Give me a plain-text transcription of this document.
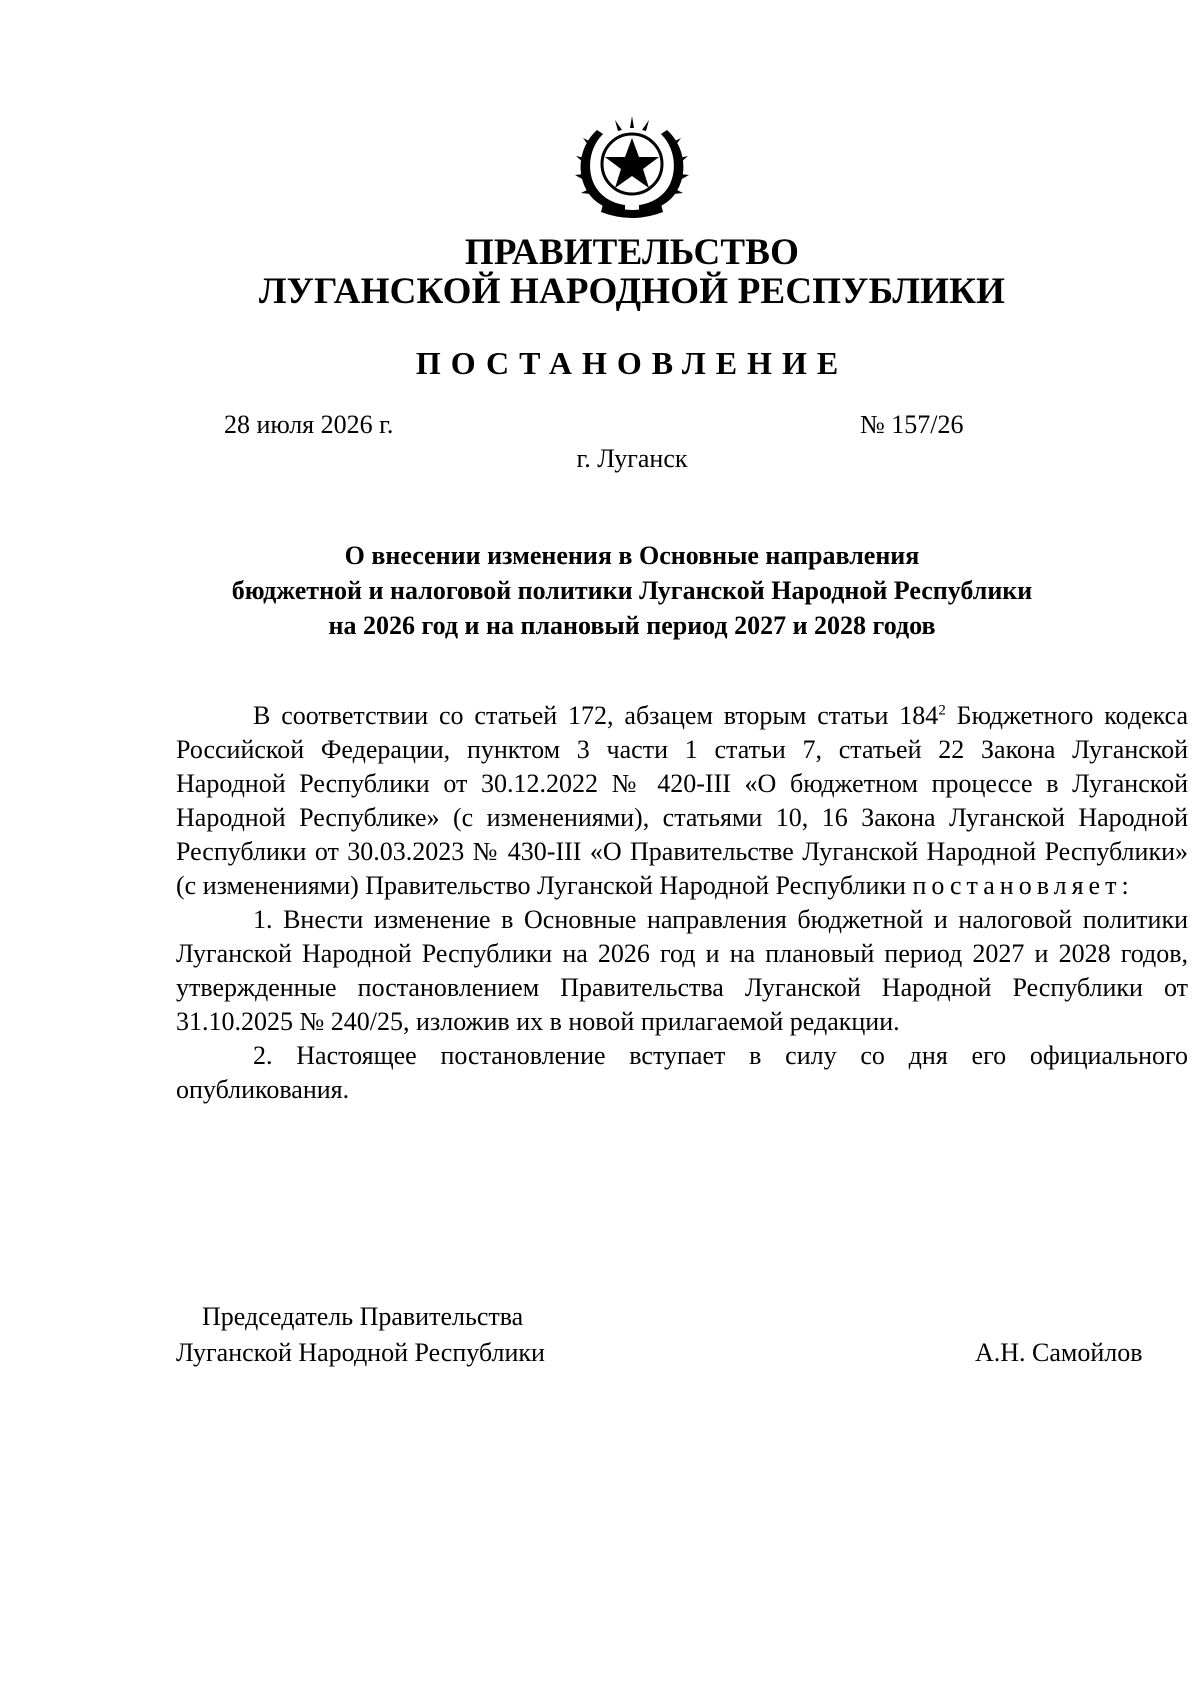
ПРАВИТЕЛЬСТВО
ЛУГАНСКОЙ НАРОДНОЙ РЕСПУБЛИКИ
ПОСТАНОВЛЕНИЕ
28 июля 2026 г.	№ 157/26
г. Луганск
О внесении изменения в Основные направления
бюджетной и налоговой политики Луганской Народной Республики
на 2026 год и на плановый период 2027 и 2028 годов

В соответствии со статьей 172, абзацем вторым статьи $184^2$ Бюджетного кодекса Российской Федерации, пунктом 3 части 1 статьи 7, статьей 22 Закона Луганской Народной Республики от 30.12.2022 № 420-III «О бюджетном процессе в Луганской Народной Республике» (с изменениями), статьями 10, 16 Закона Луганской Народной Республики от 30.03.2023 № 430-III «О Правительстве Луганской Народной Республики» (с изменениями) Правительство Луганской Народной Республики постановляет:

1. Внести изменение в Основные направления бюджетной и налоговой политики Луганской Народной Республики на 2026 год и на плановый период 2027 и 2028 годов, утвержденные постановлением Правительства Луганской Народной Республики от 31.10.2025 № 240/25, изложив их в новой прилагаемой редакции.

2. Настоящее постановление вступает в силу со дня его официального опубликования.

Председатель Правительства
Луганской Народной Республики	А.Н. Самойлов
